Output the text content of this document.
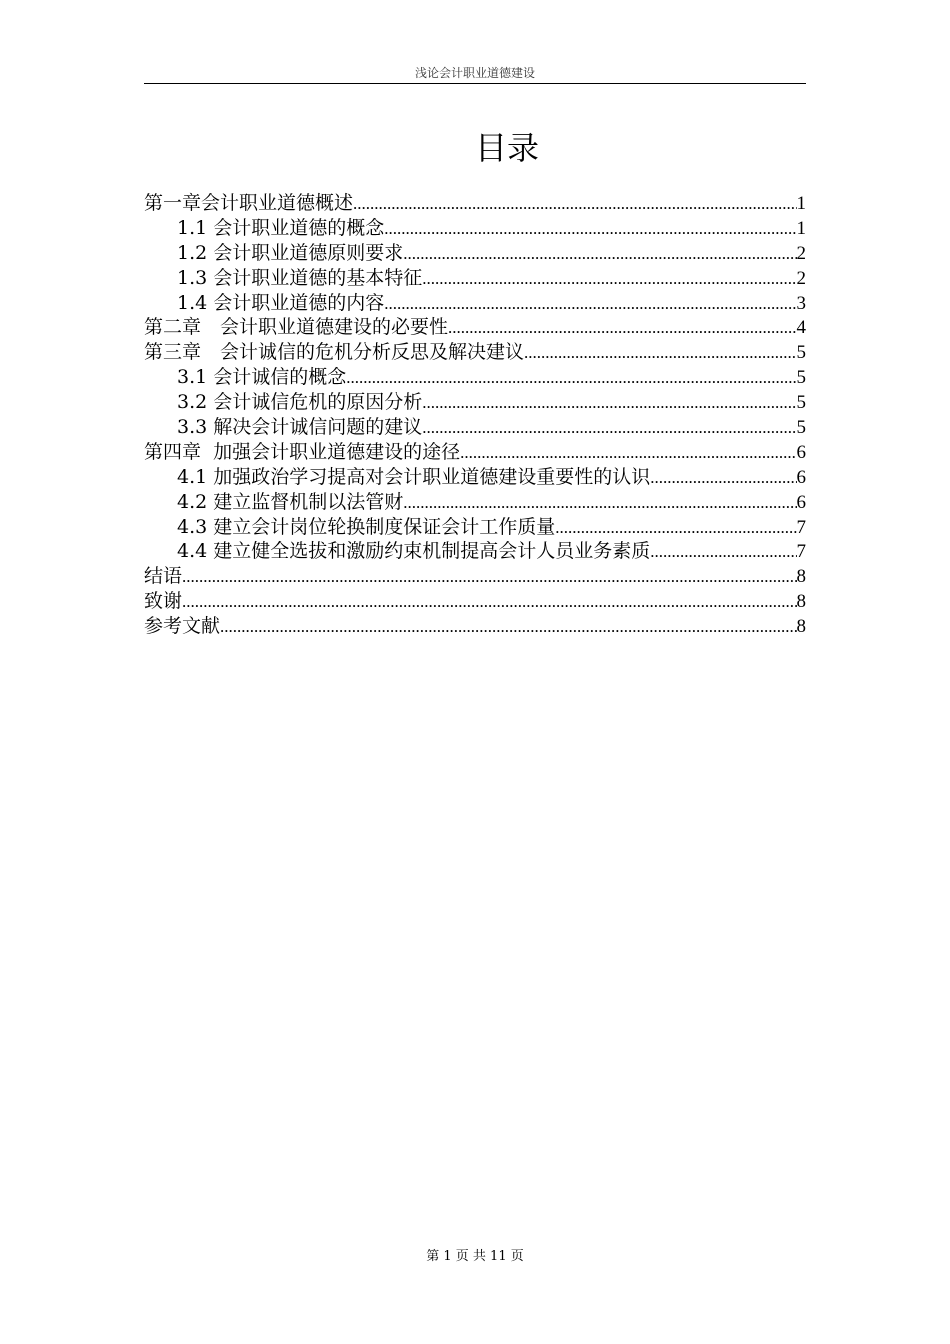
浅论会计职业道德建设
目录
第一章会计职业道德概述 .....	1
1.1 会计职业道德的概念 .....	1
1.2 会计职业道德原则要求 .....	2
1.3 会计职业道德的基本特征 .....	2
1.4 会计职业道德的内容 .....	3
第二章　会计职业道德建设的必要性 .....	4
第三章　会计诚信的危机分析反思及解决建议 .....	5
3.1 会计诚信的概念 .....	5
3.2 会计诚信危机的原因分析 .....	5
3.3 解决会计诚信问题的建议 .....	5
第四章  加强会计职业道德建设的途径 .....	6
4.1 加强政治学习提高对会计职业道德建设重要性的认识 .....	6
4.2 建立监督机制以法管财 .....	6
4.3 建立会计岗位轮换制度保证会计工作质量 .....	7
4.4 建立健全选拔和激励约束机制提高会计人员业务素质 .....	7
结语 .....	8
致谢 .....	8
参考文献 .....	8
第 1 页 共 11 页
